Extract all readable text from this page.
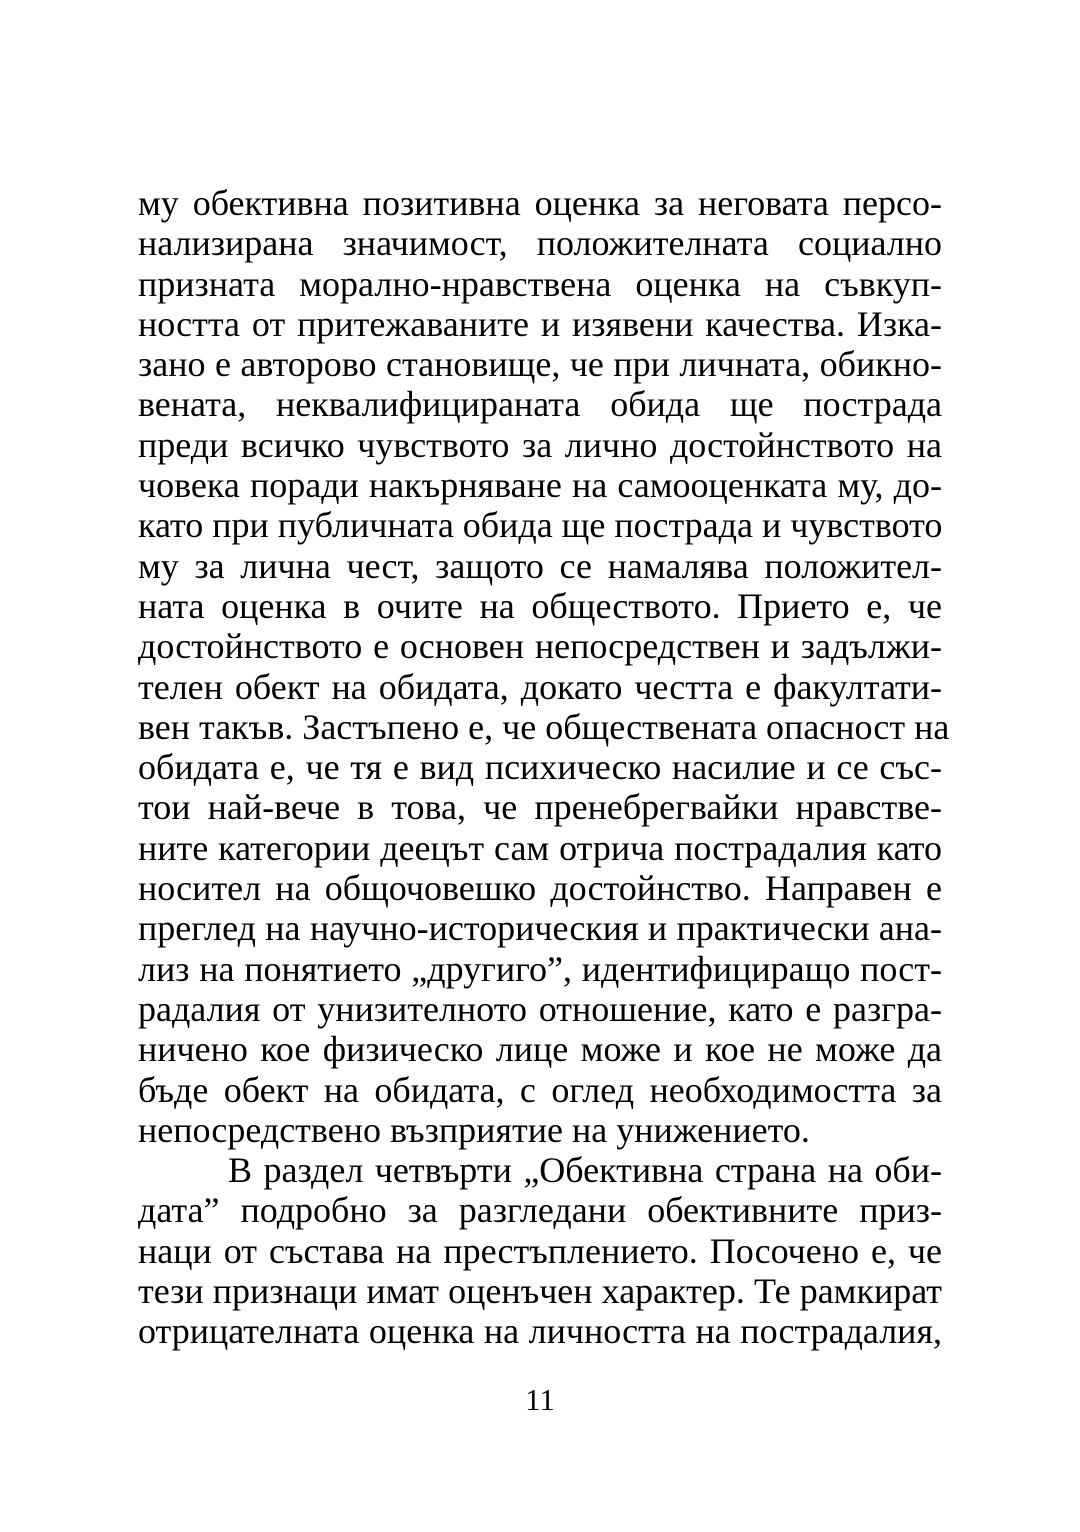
му обективна позитивна оценка за неговата персо-
нализирана значимост, положителната социално
призната морално-нравствена оценка на съвкуп-
ността от притежаваните и изявени качества. Изка-
зано е авторово становище, че при личната, обикно-
вената, неквалифицираната обида ще пострада
преди всичко чувството за лично достойнството на
човека поради накърняване на самооценката му, до-
като при публичната обида ще пострада и чувството
му за лична чест, защото се намалява положител-
ната оценка в очите на обществото. Прието е, че
достойнството е основен непосредствен и задължи-
телен обект на обидата, докато честта е факултати-
вен такъв. Застъпено е, че обществената опасност на
обидата е, че тя е вид психическо насилие и се със-
тои най-вече в това, че пренебрегвайки нравстве-
ните категории деецът сам отрича пострадалия като
носител на общочовешко достойнство. Направен е
преглед на научно-историческия и практически ана-
лиз на понятието „другиго”, идентифициращо пост-
радалия от унизителното отношение, като е разгра-
ничено кое физическо лице може и кое не може да
бъде обект на обидата, с оглед необходимостта за
непосредствено възприятие на унижението.
В раздел четвърти „Обективна страна на оби-
дата” подробно за разгледани обективните приз-
наци от състава на престъплението. Посочено е, че
тези признаци имат оценъчен характер. Те рамкират
отрицателната оценка на личността на пострадалия,
11
